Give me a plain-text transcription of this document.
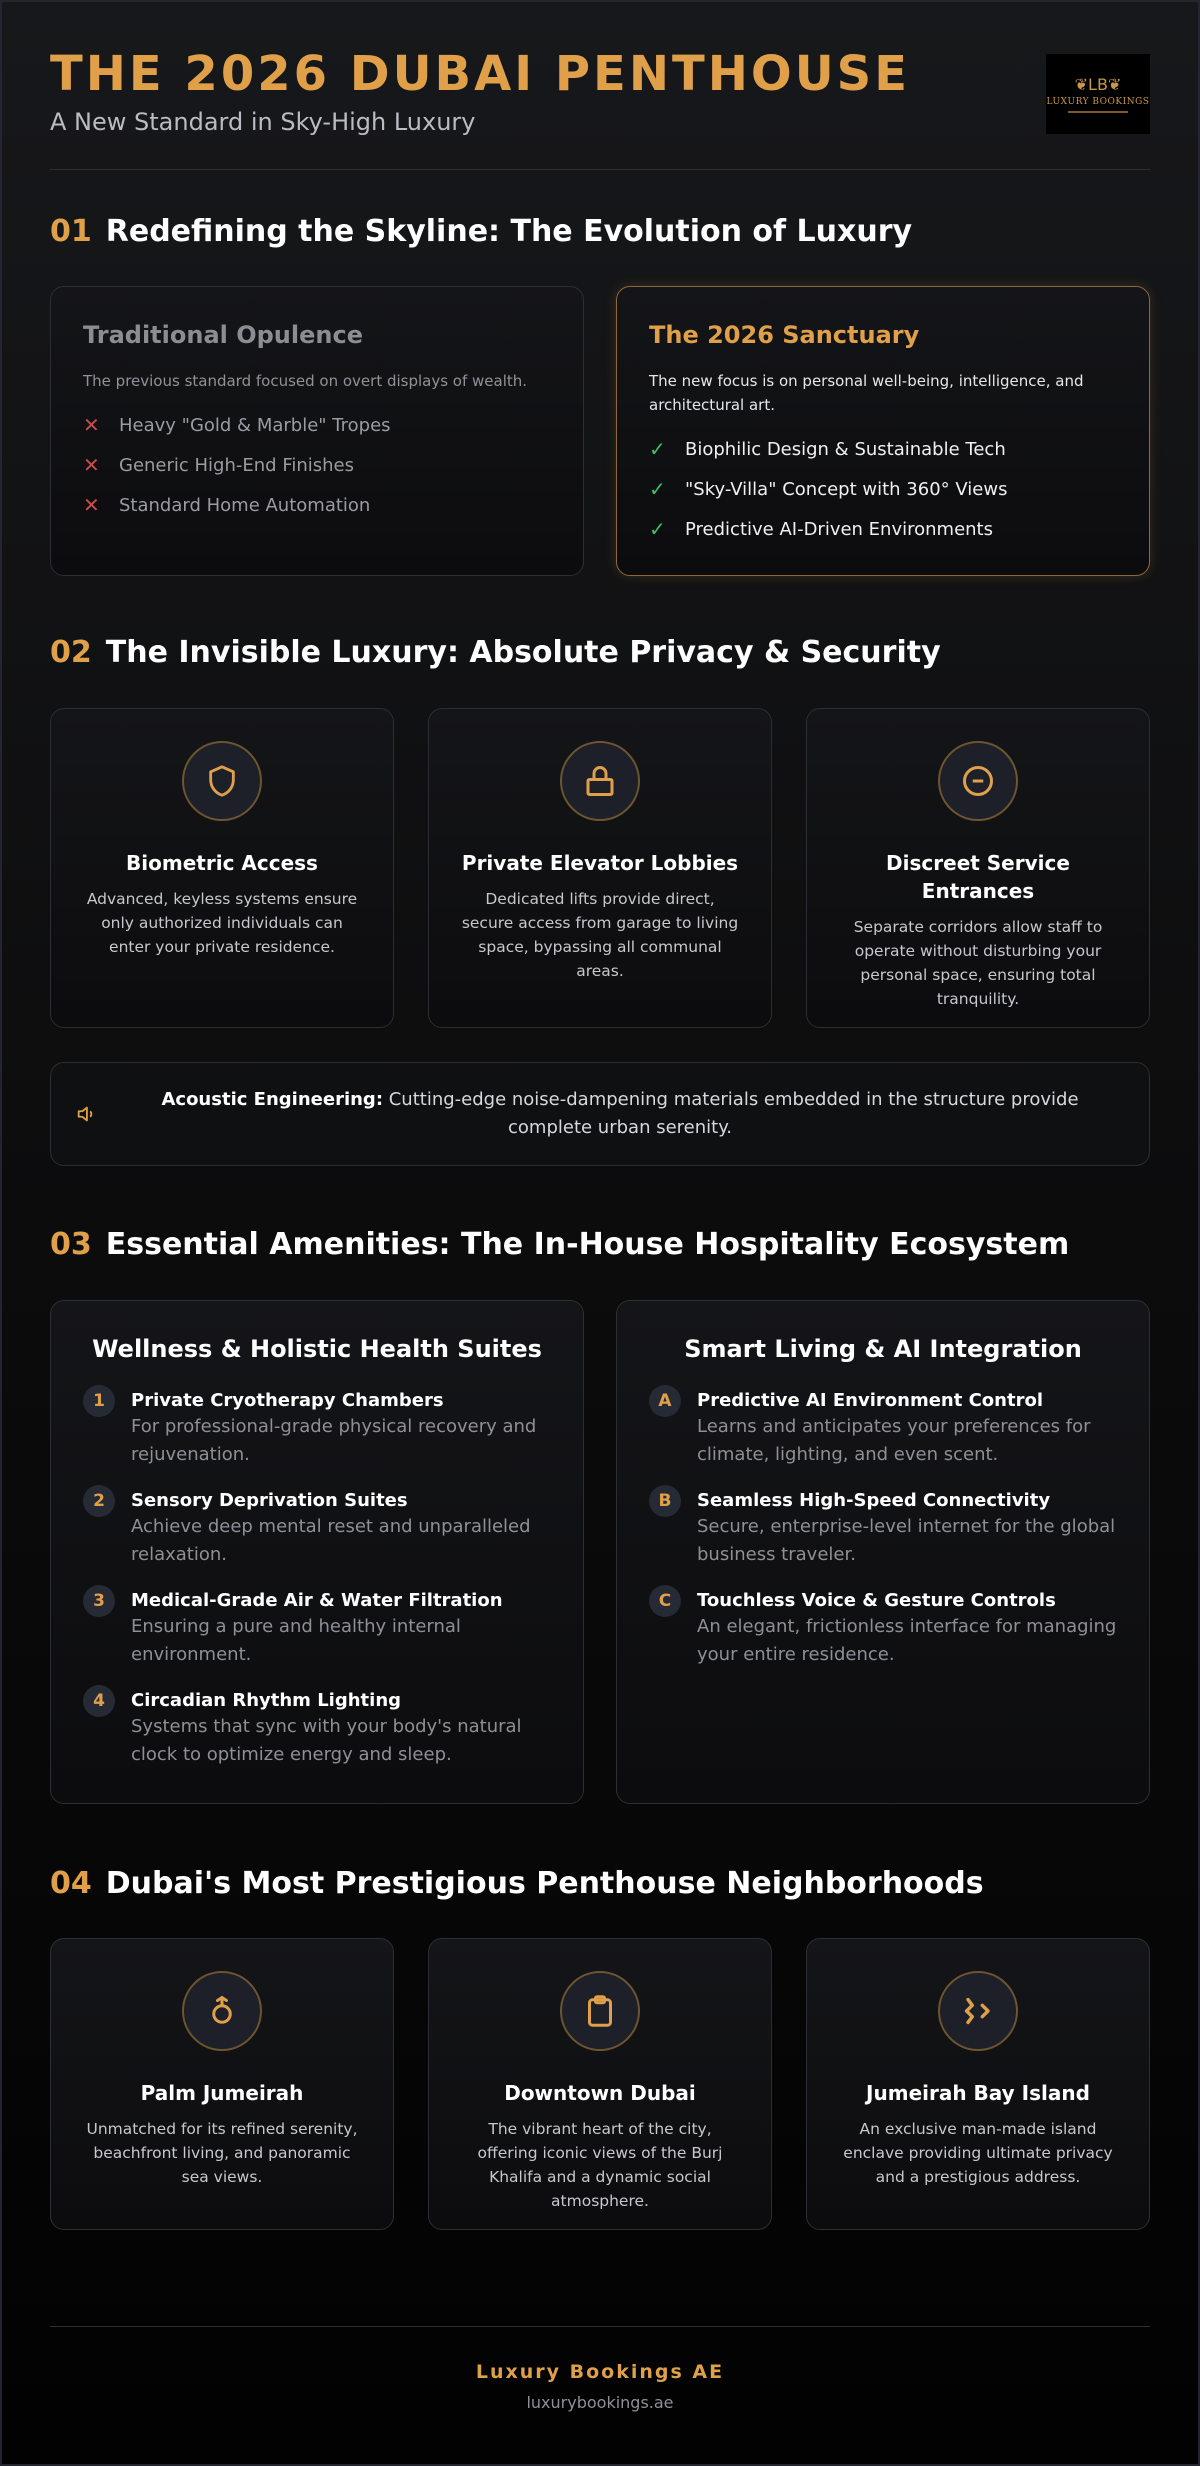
THE 2026 DUBAI PENTHOUSE
A New Standard in Sky-High Luxury
❦LB❦
LUXURY BOOKINGS
01 Redefining the Skyline: The Evolution of Luxury
Traditional Opulence
The previous standard focused on overt displays of wealth.
✕	Heavy "Gold & Marble" Tropes
✕	Generic High-End Finishes
✕	Standard Home Automation
The 2026 Sanctuary
The new focus is on personal well-being, intelligence, and architectural art.
✓	Biophilic Design & Sustainable Tech
✓	"Sky-Villa" Concept with 360° Views
✓	Predictive AI-Driven Environments
02 The Invisible Luxury: Absolute Privacy & Security
Biometric Access

Advanced, keyless systems ensure only authorized individuals can enter your private residence.

Private Elevator Lobbies

Dedicated lifts provide direct, secure access from garage to living space, bypassing all communal areas.

Discreet Service Entrances

Separate corridors allow staff to operate without disturbing your personal space, ensuring total tranquility.

Acoustic Engineering: Cutting-edge noise-dampening materials embedded in the structure provide complete urban serenity.
03 Essential Amenities: The In-House Hospitality Ecosystem
Wellness & Holistic Health Suites
1	Private Cryotherapy Chambers
For professional-grade physical recovery and rejuvenation.
2	Sensory Deprivation Suites
Achieve deep mental reset and unparalleled relaxation.
3	Medical-Grade Air & Water Filtration
Ensuring a pure and healthy internal environment.
4	Circadian Rhythm Lighting
Systems that sync with your body's natural clock to optimize energy and sleep.
Smart Living & AI Integration
A	Predictive AI Environment Control
Learns and anticipates your preferences for climate, lighting, and even scent.
B	Seamless High-Speed Connectivity
Secure, enterprise-level internet for the global business traveler.
C	Touchless Voice & Gesture Controls
An elegant, frictionless interface for managing your entire residence.
04 Dubai's Most Prestigious Penthouse Neighborhoods
Palm Jumeirah

Unmatched for its refined serenity, beachfront living, and panoramic sea views.

Downtown Dubai

The vibrant heart of the city, offering iconic views of the Burj Khalifa and a dynamic social atmosphere.

Jumeirah Bay Island

An exclusive man-made island enclave providing ultimate privacy and a prestigious address.

Luxury Bookings AE
luxurybookings.ae
